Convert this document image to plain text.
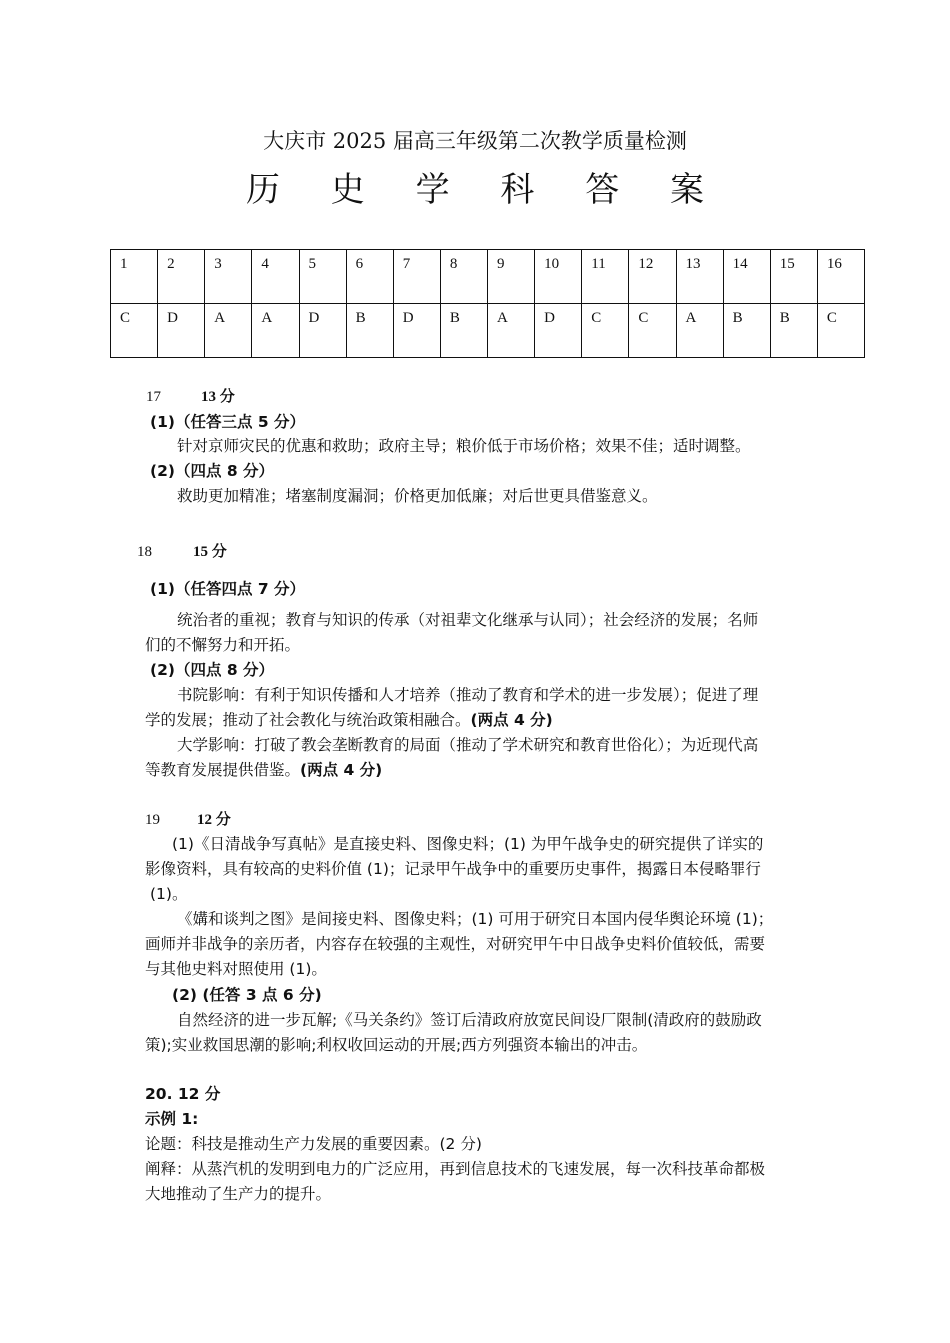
大庆市 2025 届高三年级第二次教学质量检测
历 史 学 科 答 案
1	2	3	4	5	6	7	8	9	10	11	12	13	14	15	16
C	D	A	A	D	B	D	B	A	D	C	C	A	B	B	C
17	13 分
(1)（任答三点 5 分）
针对京师灾民的优惠和救助；政府主导；粮价低于市场价格；效果不佳；适时调整。
(2)（四点 8 分）
救助更加精准；堵塞制度漏洞；价格更加低廉；对后世更具借鉴意义。
18	15 分
(1)（任答四点 7 分）
统治者的重视；教育与知识的传承（对祖辈文化继承与认同）；社会经济的发展；名师
们的不懈努力和开拓。
(2)（四点 8 分）
书院影响：有利于知识传播和人才培养（推动了教育和学术的进一步发展）；促进了理
学的发展；推动了社会教化与统治政策相融合。(两点 4 分)
大学影响：打破了教会垄断教育的局面（推动了学术研究和教育世俗化）；为近现代高
等教育发展提供借鉴。(两点 4 分)
19 12 分
(1)《日清战争写真帖》是直接史料、图像史料；(1) 为甲午战争史的研究提供了详实的
影像资料，具有较高的史料价值 (1)；记录甲午战争中的重要历史事件，揭露日本侵略罪行
(1)。
《媾和谈判之图》是间接史料、图像史料；(1) 可用于研究日本国内侵华舆论环境 (1)；
画师并非战争的亲历者，内容存在较强的主观性，对研究甲午中日战争史料价值较低，需要
与其他史料对照使用 (1)。
(2) (任答 3 点 6 分)
自然经济的进一步瓦解;《马关条约》签订后清政府放宽民间设厂限制(清政府的鼓励政
策);实业救国思潮的影响;利权收回运动的开展;西方列强资本输出的冲击。
20. 12 分
示例 1:
论题：科技是推动生产力发展的重要因素。(2 分)
阐释：从蒸汽机的发明到电力的广泛应用，再到信息技术的飞速发展，每一次科技革命都极
大地推动了生产力的提升。
